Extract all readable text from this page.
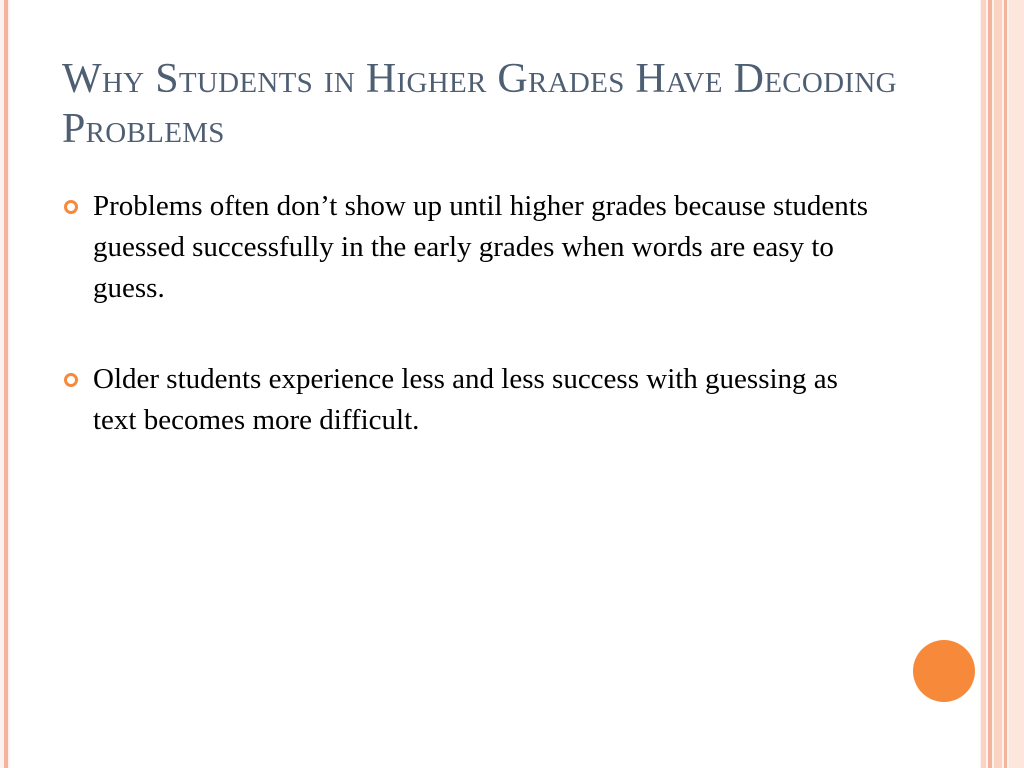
Why Students in Higher Grades Have Decoding Problems
Problems often don’t show up until higher grades because students guessed successfully in the early grades when words are easy to guess.
Older students experience less and less success with guessing as text becomes more difficult.
